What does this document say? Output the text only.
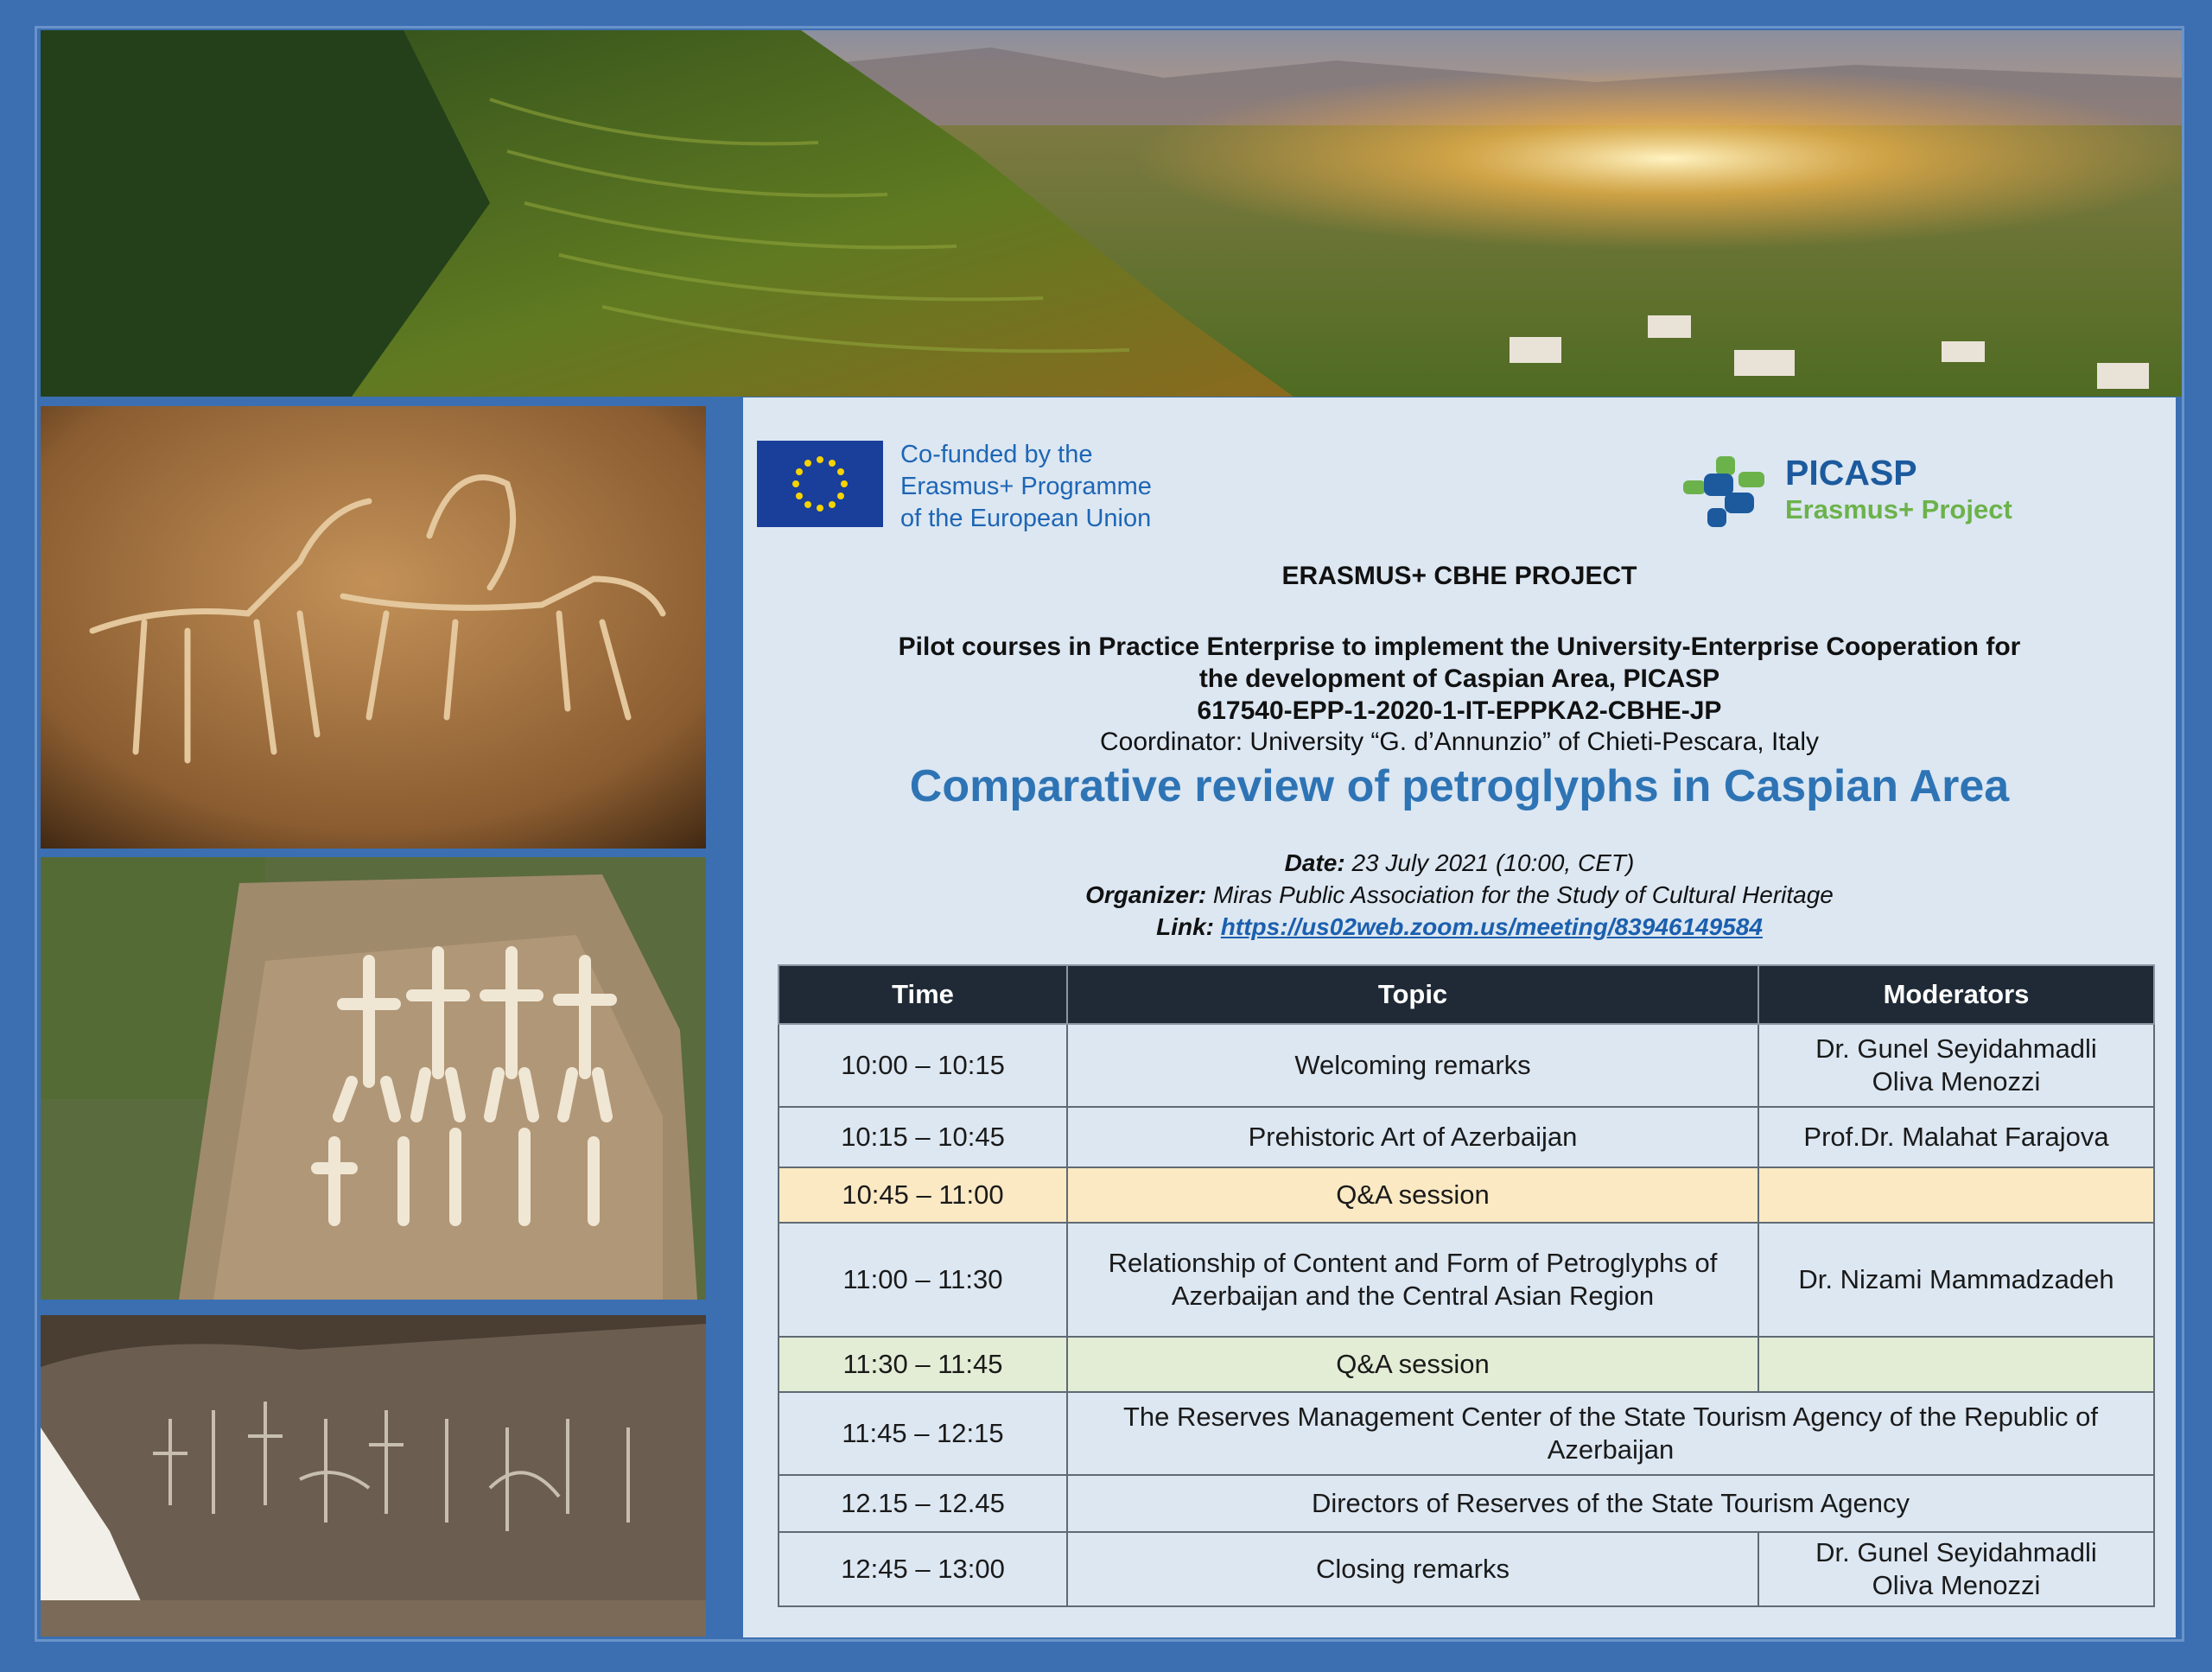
Co-funded by the
Erasmus+ Programme
of the European Union
PICASP
Erasmus+ Project
ERASMUS+ CBHE PROJECT
Pilot courses in Practice Enterprise to implement the University-Enterprise Cooperation for
the development of Caspian Area, PICASP
617540-EPP-1-2020-1-IT-EPPKA2-CBHE-JP
Coordinator: University “G. d’Annunzio” of Chieti-Pescara, Italy
Comparative review of petroglyphs in Caspian Area
Date: 23 July 2021 (10:00, CET)
Organizer: Miras Public Association for the Study of Cultural Heritage
Link: https://us02web.zoom.us/meeting/83946149584
Time	Topic	Moderators
10:00 – 10:15	Welcoming remarks	Dr. Gunel Seyidahmadli
Oliva Menozzi

10:15 – 10:45	Prehistoric Art of Azerbaijan	Prof.Dr. Malahat Farajova
10:45 – 11:00	Q&A session	
11:00 – 11:30	Relationship of Content and Form of Petroglyphs of
Azerbaijan and the Central Asian Region	Dr. Nizami Mammadzadeh
11:30 – 11:45	Q&A session	
11:45 – 12:15	The Reserves Management Center of the State Tourism Agency of the Republic of
Azerbaijan	

12.15 – 12.45	Directors of Reserves of the State Tourism Agency	
12:45 – 13:00	Closing remarks	Dr. Gunel Seyidahmadli
Oliva Menozzi
